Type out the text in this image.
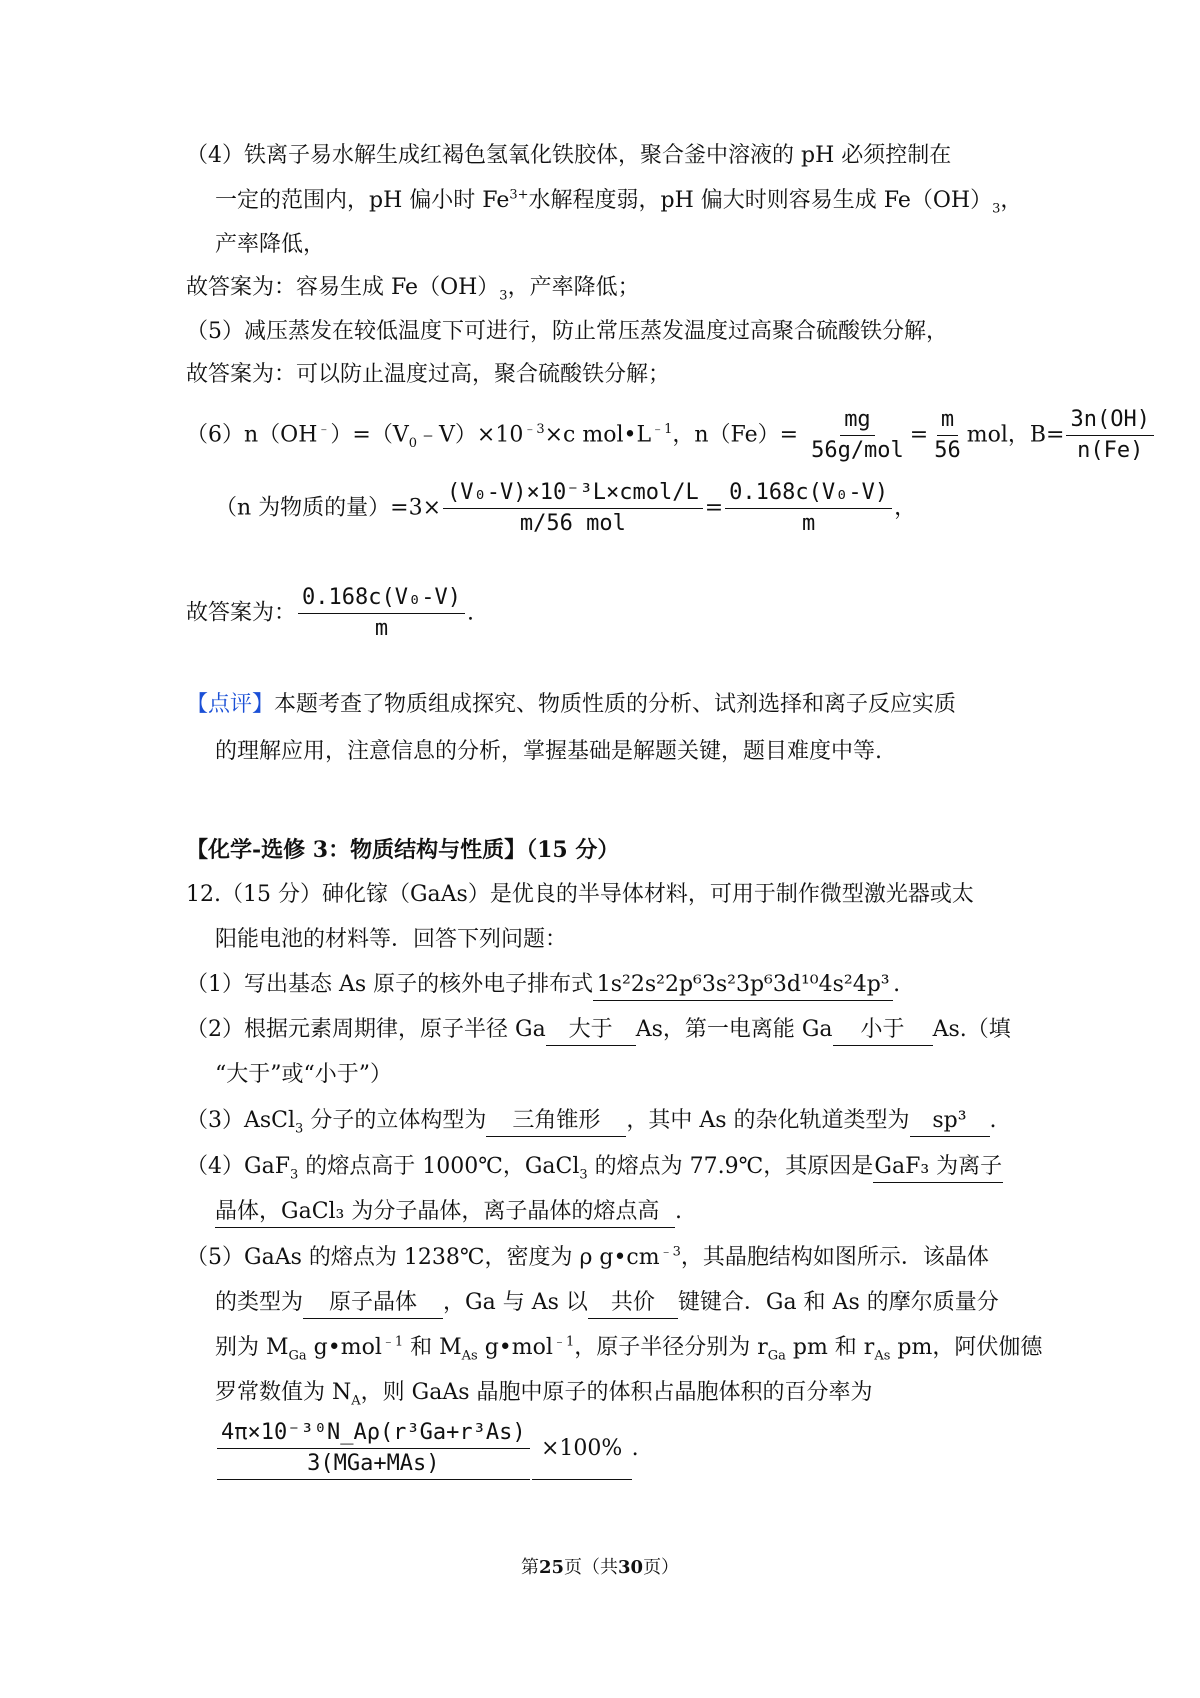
（4）铁离子易水解生成红褐色氢氧化铁胶体，聚合釜中溶液的 pH 必须控制在
一定的范围内，pH 偏小时 $Fe^{3+}$水解程度弱，pH 偏大时则容易生成 $Fe(OH)_3$，
产率降低，
故答案为：容易生成 $Fe(OH)_3$，产率降低；
（5）减压蒸发在较低温度下可进行，防止常压蒸发温度过高聚合硫酸铁分解，
故答案为：可以防止温度过高，聚合硫酸铁分解；
$(6)n(OH^﹣)=(V_0﹣V)\times 10^{﹣3}\times c$ $mol•L^{﹣1}$，$n(Fe)= \frac{mg}{\text{56g/mol}} = \frac{m}{56}$ mol，$B= \frac{3n(OH)}{n(Fe)}$
（n 为物质的量）$=3\times \frac{\text{(V₀-V)×10⁻³L×cmol/L}}{\text{m/56 mol}} = \frac{\text{0.168c(V₀-V)}}{m}$ ，
故答案为： $\frac{\text{0.168c(V₀-V)}}{m}$ .
【点评】本题考查了物质组成探究、物质性质的分析、试剂选择和离子反应实质
的理解应用，注意信息的分析，掌握基础是解题关键，题目难度中等.
【化学-选修 3：物质结构与性质】（15 分）
12.（15 分）砷化镓（GaAs）是优良的半导体材料，可用于制作微型激光器或太
阳能电池的材料等．回答下列问题：
（1）写出基态 As 原子的核外电子排布式 1s²2s²2p⁶3s²3p⁶3d¹⁰4s²4p³ .
（2）根据元素周期律，原子半径 Ga 大于 As，第一电离能 Ga 小于 As.（填
“大于”或“小于”）
（3）AsCl$_3$ 分子的立体构型为 三角锥形 ，其中 As 的杂化轨道类型为 sp³ .
（4）GaF$_3$ 的熔点高于 1000℃，GaCl$_3$ 的熔点为 77.9℃，其原因是GaF₃ 为离子
晶体，GaCl₃ 为分子晶体，离子晶体的熔点高 .
（5）GaAs 的熔点为 1238℃，密度为 ρ $g•cm^{﹣3}$，其晶胞结构如图所示．该晶体
的类型为 原子晶体 ，Ga 与 As 以 共价 键键合．Ga 和 As 的摩尔质量分
别为 $M_{Ga}$ g•mol$^{﹣1}$ 和 $M_{As}$ g•mol$^{﹣1}$，原子半径分别为 $r_{Ga}$ pm 和 $r_{As}$ pm，阿伏伽德
罗常数值为 $N_A$，则 GaAs 晶胞中原子的体积占晶胞体积的百分率为
$\frac{\text{4π×10⁻³⁰N\_Aρ(r³Ga+r³As)}}{\text{3(MGa+MAs)}} \times 100\%$ .
第25页（共30页）
